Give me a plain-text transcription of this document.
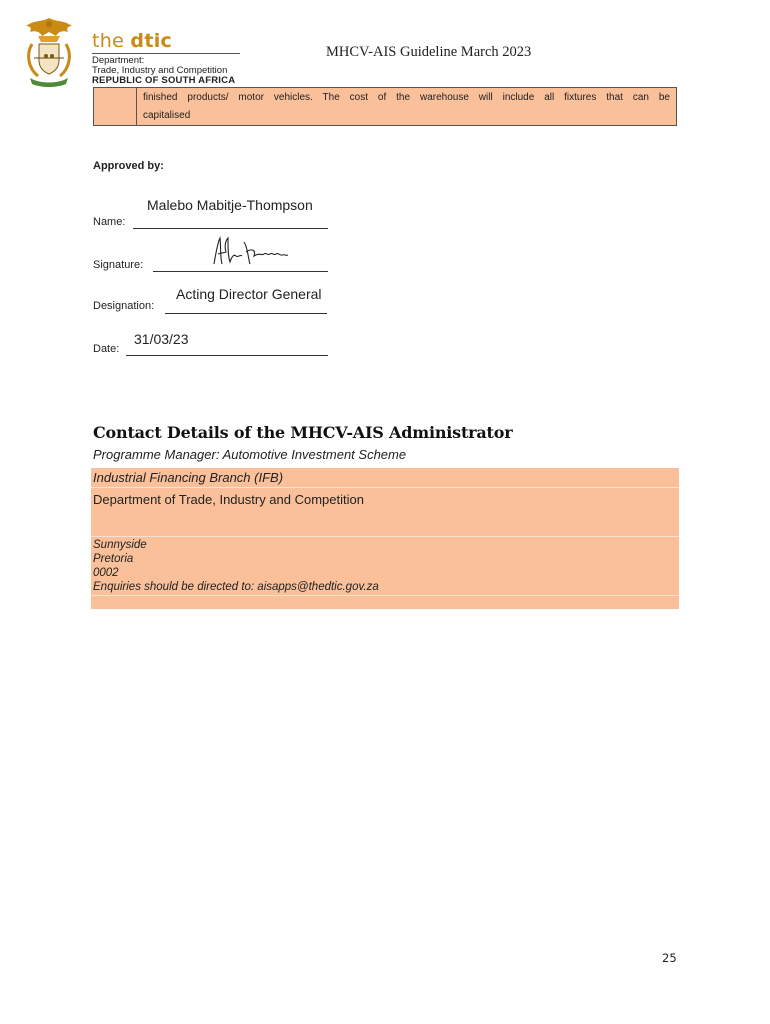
the dtic
Department:
Trade, Industry and Competition
REPUBLIC OF SOUTH AFRICA
MHCV-AIS Guideline March 2023
finished products/ motor vehicles. The cost of the warehouse will include all fixtures that can be
capitalised
Approved by:
Malebo Mabitje-Thompson
Name:
Signature:
Acting Director General
Designation:
31/03/23
Date:
Contact Details of the MHCV-AIS Administrator
Programme Manager: Automotive Investment Scheme
Industrial Financing Branch (IFB)
Department of Trade, Industry and Competition
Sunnyside
Pretoria
0002
Enquiries should be directed to: aisapps@thedtic.gov.za
25
